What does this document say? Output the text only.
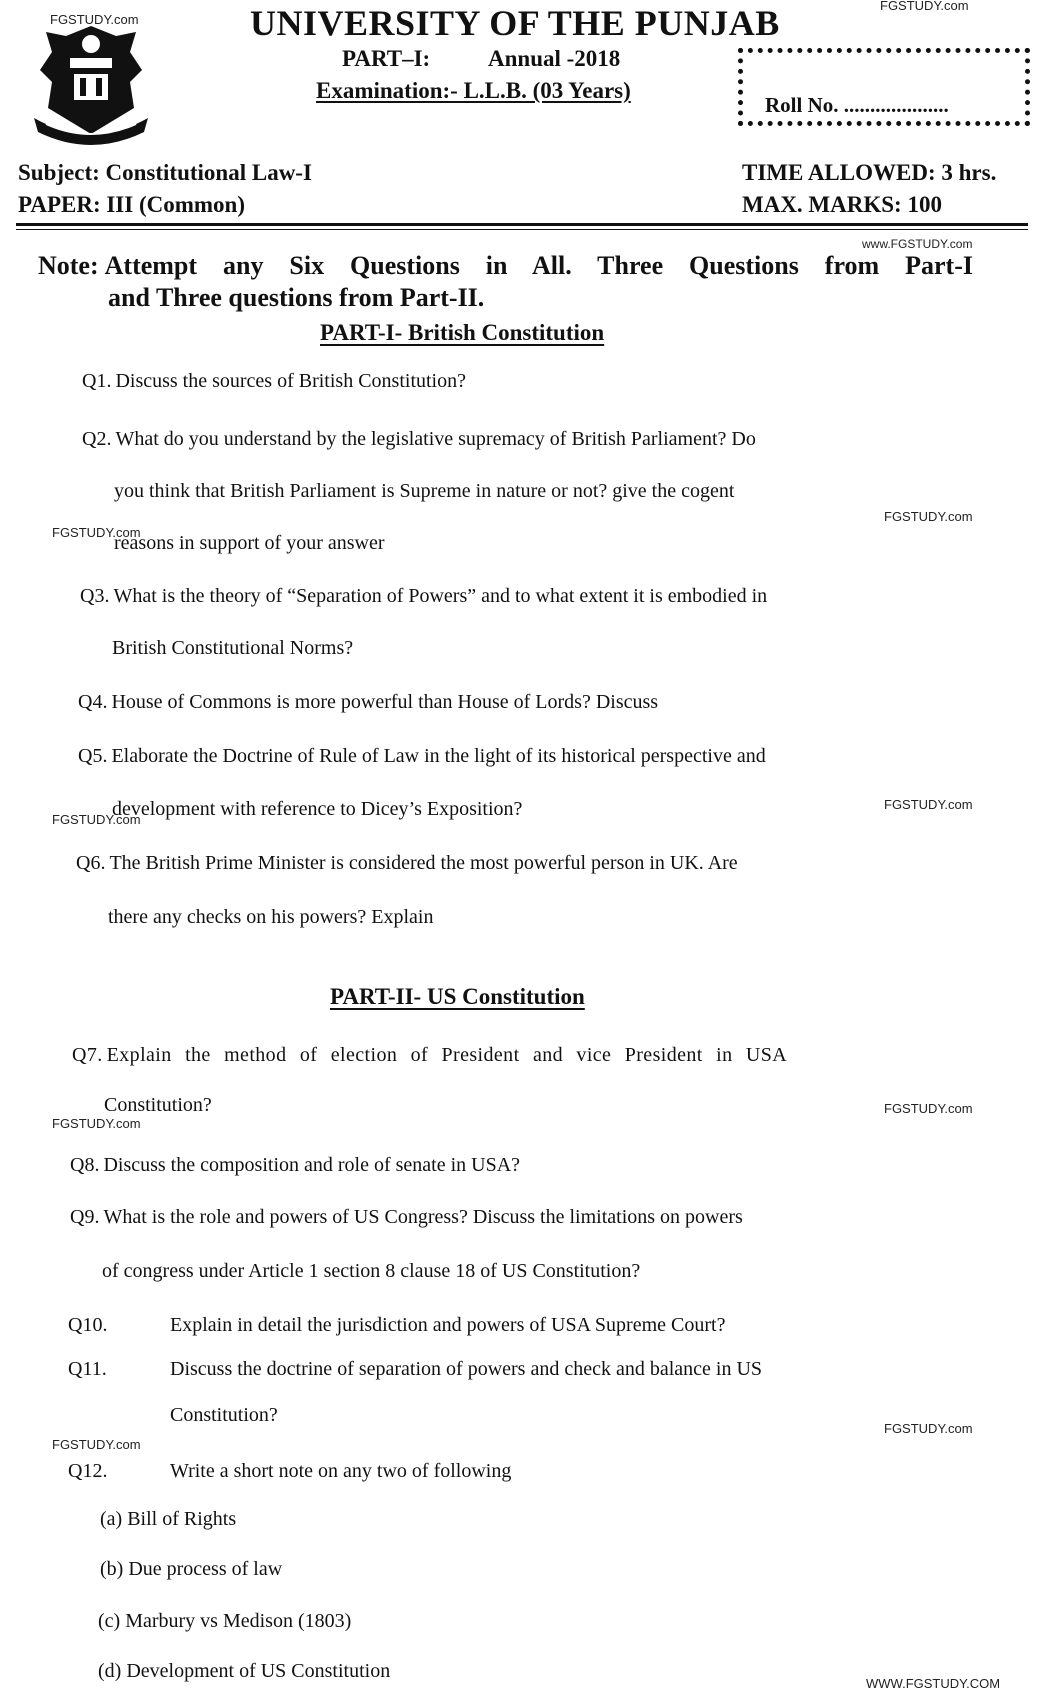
FGSTUDY.com
FGSTUDY.com
www.FGSTUDY.com
FGSTUDY.com
FGSTUDY.com
FGSTUDY.com
FGSTUDY.com
FGSTUDY.com
FGSTUDY.com
FGSTUDY.com
FGSTUDY.com
WWW.FGSTUDY.COM
UNIVERSITY OF THE PUNJAB
PART–I:	Annual -2018
Examination:- L.L.B. (03 Years)
Roll No. ....................
Subject: Constitutional Law-I
PAPER: III (Common)
TIME ALLOWED: 3 hrs.
MAX. MARKS: 100
Note: Attempt any Six Questions in All. Three Questions from Part-I
and Three questions from Part-II.
PART-I- British Constitution
Q1. Discuss the sources of British Constitution?
Q2. What do you understand by the legislative supremacy of British Parliament? Do
you think that British Parliament is Supreme in nature or not? give the cogent
reasons in support of your answer
Q3. What is the theory of “Separation of Powers” and to what extent it is embodied in
British Constitutional Norms?
Q4. House of Commons is more powerful than House of Lords? Discuss
Q5. Elaborate the Doctrine of Rule of Law in the light of its historical perspective and
development with reference to Dicey’s Exposition?
Q6. The British Prime Minister is considered the most powerful person in UK. Are
there any checks on his powers? Explain
PART-II- US Constitution
Q7. Explain the method of election of President and vice President in USA
Constitution?
Q8. Discuss the composition and role of senate in USA?
Q9. What is the role and powers of US Congress? Discuss the limitations on powers
of congress under Article 1 section 8 clause 18 of US Constitution?
Q10.	Explain in detail the jurisdiction and powers of USA Supreme Court?
Q11.	Discuss the doctrine of separation of powers and check and balance in US
Constitution?
Q12.	Write a short note on any two of following
(a) Bill of Rights
(b) Due process of law
(c) Marbury vs Medison (1803)
(d) Development of US Constitution
